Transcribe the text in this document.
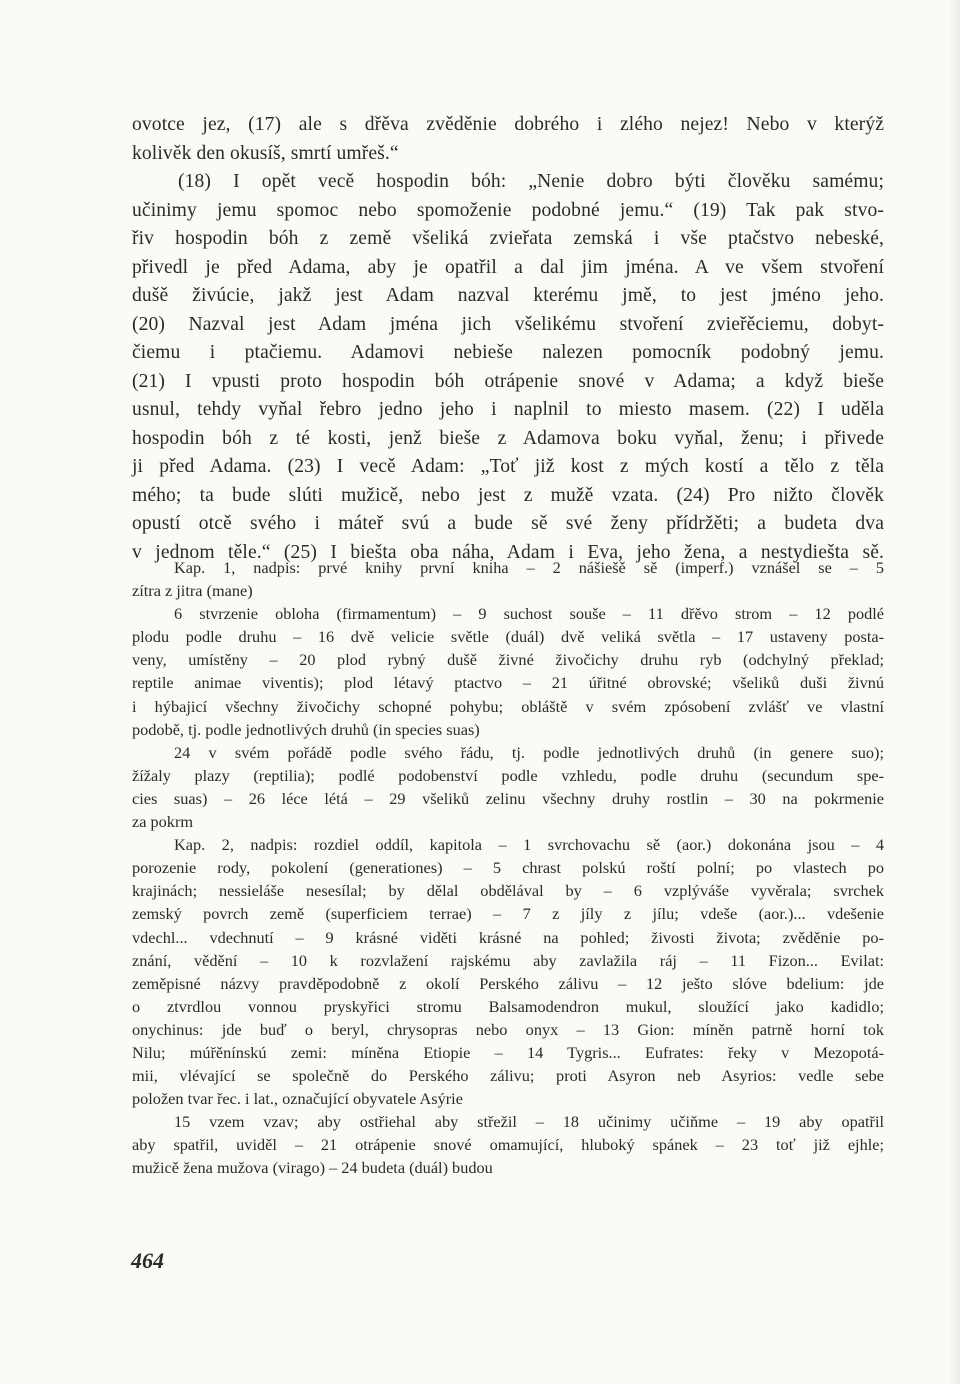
ovotce jez, (17) ale s dřěva zvěděnie dobrého i zlého nejez! Nebo v kterýž

kolivěk den okusíš, smrtí umřeš.“

(18) I opět vecě hospodin bóh: „Nenie dobro býti člověku samému;

učinimy jemu spomoc nebo spomoženie podobné jemu.“ (19) Tak pak stvo-

řiv hospodin bóh z země všeliká zvieřata zemská i vše ptačstvo nebeské,

přivedl je před Adama, aby je opatřil a dal jim jména. A ve všem stvoření

dušě živúcie, jakž jest Adam nazval kterému jmě, to jest jméno jeho.

(20) Nazval jest Adam jména jich všelikému stvoření zvieřěciemu, dobyt-

čiemu i ptačiemu. Adamovi nebieše nalezen pomocník podobný jemu.

(21) I vpusti proto hospodin bóh otrápenie snové v Adama; a když bieše

usnul, tehdy vyňal řebro jedno jeho i naplnil to miesto masem. (22) I uděla

hospodin bóh z té kosti, jenž bieše z Adamova boku vyňal, ženu; i přivede

ji před Adama. (23) I vecě Adam: „Toť již kost z mých kostí a tělo z těla

mého; ta bude slúti mužicě, nebo jest z mužě vzata. (24) Pro nižto člověk

opustí otcě svého i máteř svú a bude sě své ženy přídržěti; a budeta dva

v jednom těle.“ (25) I biešta oba náha, Adam i Eva, jeho žena, a nestydiešta sě.

Kap. 1, nadpis: prvé knihy první kniha – 2 nášiešě sě (imperf.) vznášel se – 5
zítra z jitra (mane)
6 stvrzenie obloha (firmamentum) – 9 suchost souše – 11 dřěvo strom – 12 podlé
plodu podle druhu – 16 dvě velicie světle (duál) dvě veliká světla – 17 ustaveny posta-
veny, umístěny – 20 plod rybný dušě živné živočichy druhu ryb (odchylný překlad;
reptile animae viventis); plod létavý ptactvo – 21 úřitné obrovské; všeliků duši živnú
i hýbajicí všechny živočichy schopné pohybu; obláště v svém zpósobení zvlášť ve vlastní
podobě, tj. podle jednotlivých druhů (in species suas)
24 v svém pořádě podle svého řádu, tj. podle jednotlivých druhů (in genere suo);
žížaly plazy (reptilia); podlé podobenství podle vzhledu, podle druhu (secundum spe-
cies suas) – 26 léce létá – 29 všeliků zelinu všechny druhy rostlin – 30 na pokrmenie
za pokrm
Kap. 2, nadpis: rozdiel oddíl, kapitola – 1 svrchovachu sě (aor.) dokonána jsou – 4
porozenie rody, pokolení (generationes) – 5 chrast polskú roští polní; po vlastech po
krajinách; nessieláše nesesílal; by dělal obdělával by – 6 vzplýváše vyvěrala; svrchek
zemský povrch země (superficiem terrae) – 7 z jíly z jílu; vdeše (aor.)... vdešenie
vdechl... vdechnutí – 9 krásné viděti krásné na pohled; živosti života; zvěděnie po-
znání, vědění – 10 k rozvlažení rajskému aby zavlažila ráj – 11 Fizon... Evilat:
zeměpisné názvy pravděpodobně z okolí Perského zálivu – 12 ješto slóve bdelium: jde
o ztvrdlou vonnou pryskyřici stromu Balsamodendron mukul, sloužící jako kadidlo;
onychinus: jde buď o beryl, chrysopras nebo onyx – 13 Gion: míněn patrně horní tok
Nilu; múřěnínskú zemi: míněna Etiopie – 14 Tygris... Eufrates: řeky v Mezopotá-
mii, vlévající se společně do Perského zálivu; proti Asyron neb Asyrios: vedle sebe
položen tvar řec. i lat., označující obyvatele Asýrie
15 vzem vzav; aby ostřiehal aby střežil – 18 učinimy učiňme – 19 aby opatřil
aby spatřil, uviděl – 21 otrápenie snové omamující, hluboký spánek – 23 toť již ejhle;
mužicě žena mužova (virago) – 24 budeta (duál) budou
464
